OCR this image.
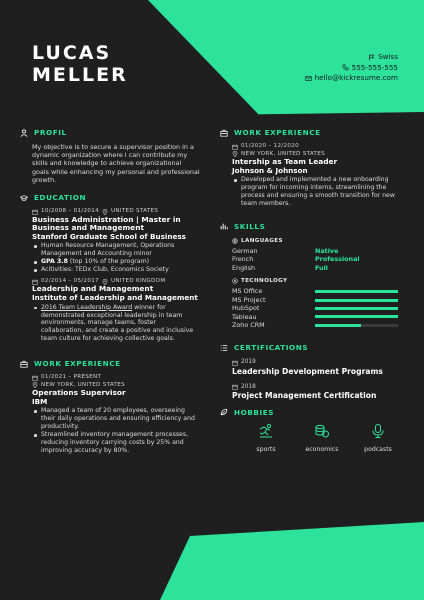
LUCAS
MELLER
Swiss
555-555-555
hello@kickresume.com
PROFIL
My objective is to secure a supervisor position in a dynamic organization where I can contribute my skills and knowledge to achieve organizational goals while enhancing my personal and professional growth.
EDUCATION
10/2008 – 01/2014 UNITED STATES
Business Administration | Master in Business and Management
Stanford Graduate School of Business
Human Resource Management, Operations Management and Accounting minor
GPA 3.8 (top 10% of the program)
Acitivities: TEDx Club, Economics Society
02/2014 – 05/2017 UNITED KINGDOM
Leadership and Management
Institute of Leadership and Management
2016 Team Leadership Award winner for demonstrated exceptional leadership in team environments, manage teams, foster collaboration, and create a positive and inclusive team culture for achieving collective goals.
WORK EXPERIENCE
01/2021 – PRESENT
NEW YORK, UNITED STATES
Operations Supervisor
IBM
Managed a team of 20 employees, overseeing their daily operations and ensuring efficiency and productivity.
Streamlined inventory management processes, reducing inventory carrying costs by 25% and improving accuracy by 80%.
WORK EXPERIENCE
01/2020 – 12/2020
NEW YORK, UNITED STATES
Intership as Team Leader
Johnson & Johnson
Developed and implemented a new onboarding program for incoming interns, streamlining the process and ensuring a smooth transition for new team members.
SKILLS
LANGUAGES
German	Native
French	Professional
English	Full
TECHNOLOGY
MS Office
MS Project
HubSpot
Tableau
Zoho CRM
CERTIFICATIONS
2019
Leadership Development Programs
2018
Project Management Certification
HOBBIES
sports	economics	podcasts
